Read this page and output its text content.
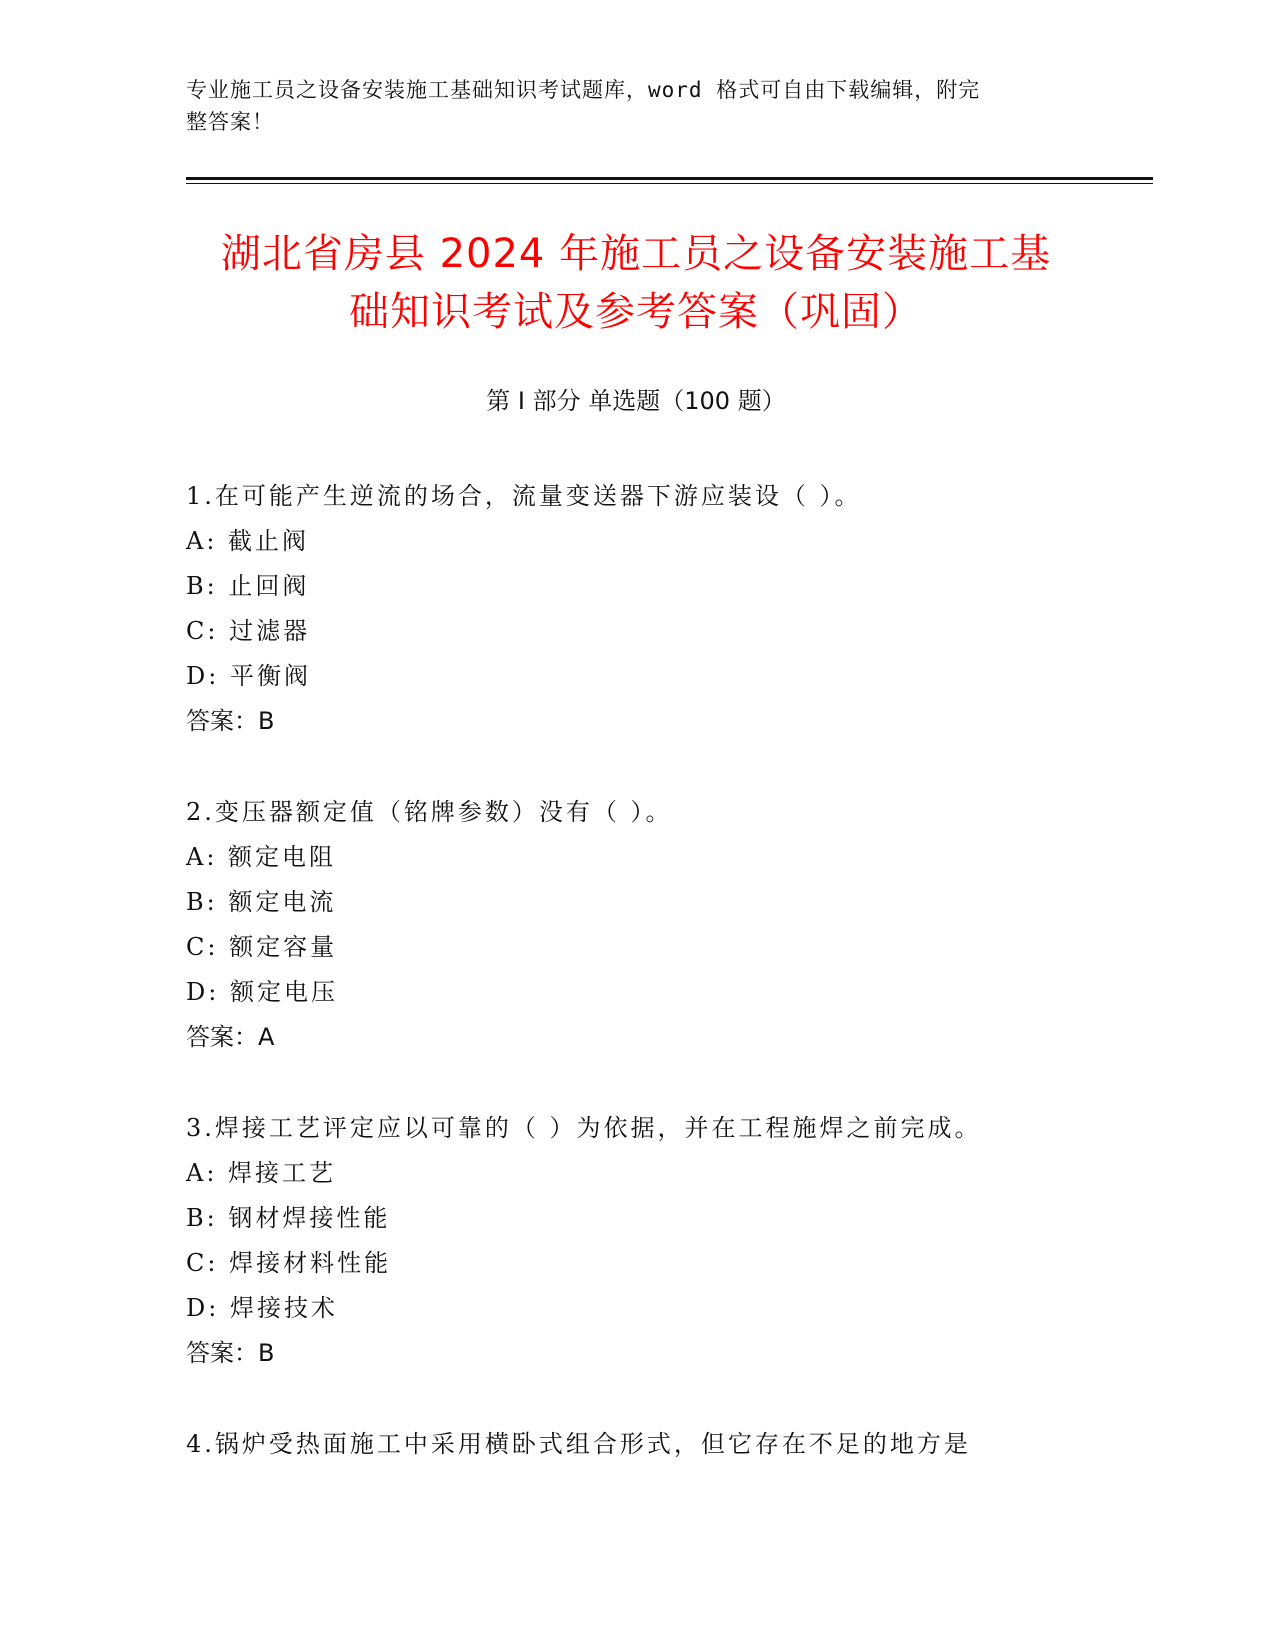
专业施工员之设备安装施工基础知识考试题库，word 格式可自由下载编辑，附完
整答案！
湖北省房县 2024 年施工员之设备安装施工基
础知识考试及参考答案（巩固）
第 I 部分 单选题（100 题）
1.在可能产生逆流的场合，流量变送器下游应装设（ ）。
A: 截止阀
B: 止回阀
C: 过滤器
D: 平衡阀
答案：B
2.变压器额定值（铭牌参数）没有（ ）。
A: 额定电阻
B: 额定电流
C: 额定容量
D: 额定电压
答案：A
3.焊接工艺评定应以可靠的（ ）为依据，并在工程施焊之前完成。
A: 焊接工艺
B: 钢材焊接性能
C: 焊接材料性能
D: 焊接技术
答案：B
4.锅炉受热面施工中采用横卧式组合形式，但它存在不足的地方是
